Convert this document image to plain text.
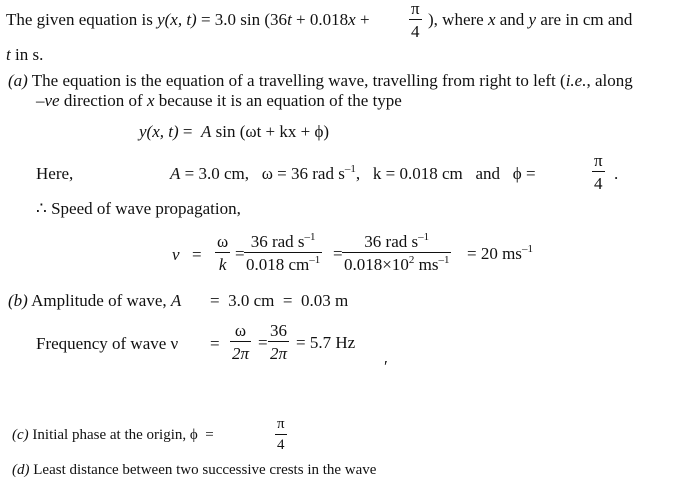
The given equation is y(x, t) = 3.0 $\sin (36t + 0.018x + \frac{\pi}{4}$ ), where x and y are in cm and
t in s.
(a) The equation is the equation of a travelling wave, travelling from right to left (i.e., along
–ve direction of x because it is an equation of the type
y(x, t) =  A sin (ωt + kx + ϕ)
Here,	A = 3.0 cm,   ω = 36 rad $s^{-1}$,   k = 0.018 cm   and   ϕ =	$\frac{\pi}{4}$ .
∴ Speed of wave propagation,
$v = \frac{\omega}{k}$ =
36 rad $s^{-1}$
0.018 $cm^{-1}$ =
36 rad $s^{-1}$
$0.018\times 10^2$ $ms^{-1} = 20$ $ms^{-1}$
(b) Amplitude of wave, A =  3.0 cm  =  0.03 m
Frequency of wave $\nu = \frac{\omega}{2\pi} = \frac{36}{2\pi} = 5.7$ Hz
ʹ
(c) Initial phase at the origin, ϕ  =	$\frac{\pi}{4}$
(d) Least distance between two successive crests in the wave
